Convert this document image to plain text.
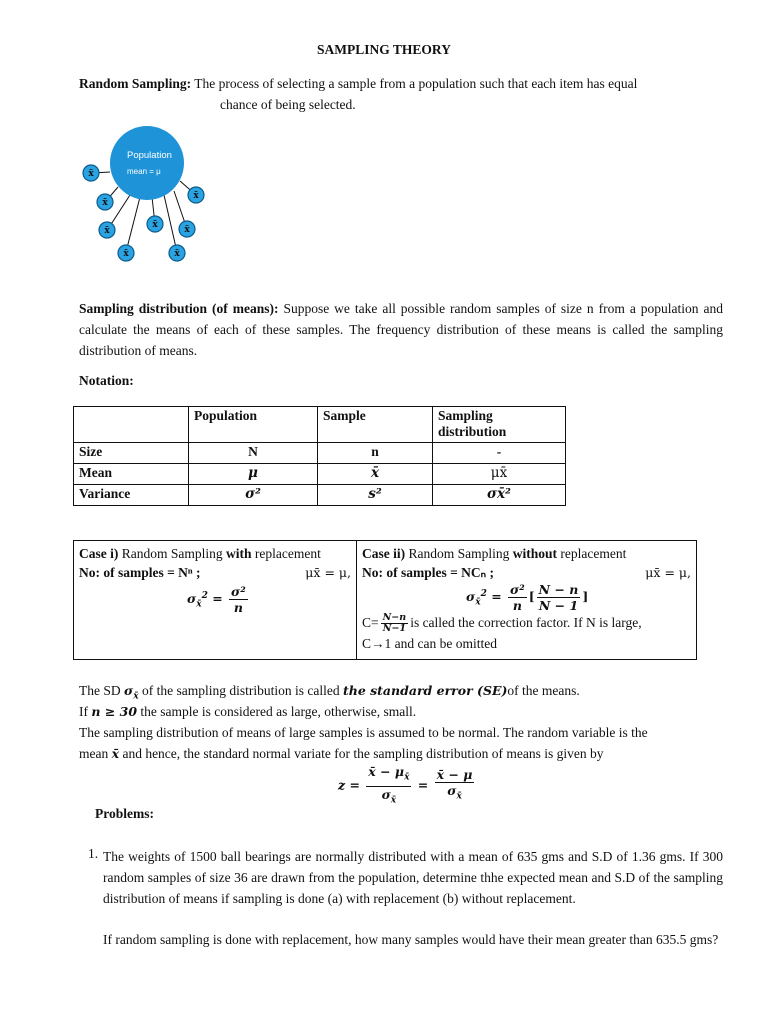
SAMPLING THEORY
Random Sampling: The process of selecting a sample from a population such that each item has equal
chance of being selected.
Population
mean = μ
x̄
x̄
x̄
x̄
x̄
x̄
x̄
x̄
Sampling distribution (of means): Suppose we take all possible random samples of size n from a population and calculate the means of each of these samples. The frequency distribution of these means is called the sampling distribution of means.
Notation:
	Population	Sample	Sampling distribution
Size	N	n	-
Mean	μ	x̄	μx̄
Variance	σ²	s²	σx̄²
Case i) Random Sampling with replacement
No: of samples = Nⁿ ;	μx̄ = μ,
$\sigma_{x̄}^2 = \frac{\text{σ²}}{n}$

Case ii) Random Sampling without replacement
No: of samples = NCₙ ;	μx̄ = μ,
$\sigma_{x̄}^2 = \frac{\text{σ²}}{n}$ [ $\frac{N - n}{N - 1}$ ]
$C= \frac{N-n}{N-1}$ is called the correction factor. If N is large,
C→1 and can be omitted
The SD $\sigma_{x̄}$ of the sampling distribution is called the standard error (SE)of the means.
If n ≥ 30 the sample is considered as large, otherwise, small.
The sampling distribution of means of large samples is assumed to be normal. The random variable is the
mean x̄ and hence, the standard normal variate for the sampling distribution of means is given by
$z = \frac{x̄ - \mu_{x̄}}{\sigma_{x̄}} = \frac{x̄ - \mu}{\sigma_{x̄}}$
Problems:
1. The weights of 1500 ball bearings are normally distributed with a mean of 635 gms and S.D of 1.36 gms. If 300 random samples of size 36 are drawn from the population, determine thhe expected mean and S.D of the sampling distribution of means if sampling is done (a) with replacement (b) without replacement.
If random sampling is done with replacement, how many samples would have their mean greater than 635.5 gms?
